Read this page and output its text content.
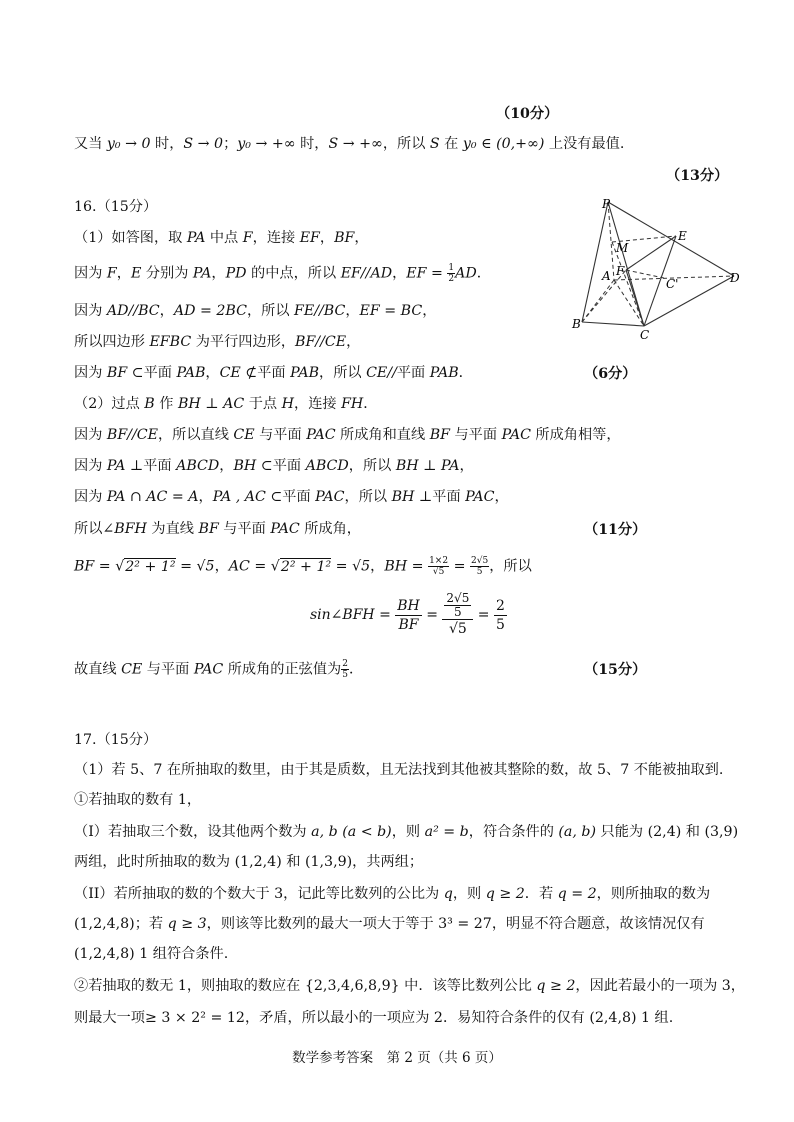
（10分）
又当 y₀ → 0 时，S → 0；y₀ → +∞ 时，S → +∞，所以 S 在 y₀ ∈ (0,+∞) 上没有最值.
（13分）
16.（15分）
（1）如答图，取 PA 中点 F，连接 EF，BF，
因为 F，E 分别为 PA，PD 的中点，所以 EF//AD，EF = $\frac{1}{2}$ AD．
因为 AD//BC，AD = 2BC，所以 FE//BC，EF = BC，
所以四边形 EFBC 为平行四边形，BF//CE，
因为 BF ⊂平面 PAB，CE ⊄平面 PAB，所以 CE//平面 PAB．	（6分）
（2）过点 B 作 BH ⊥ AC 于点 H，连接 FH．
因为 BF//CE，所以直线 CE 与平面 PAC 所成角和直线 BF 与平面 PAC 所成角相等，
因为 PA ⊥平面 ABCD，BH ⊂平面 ABCD，所以 BH ⊥ PA，
因为 PA ∩ AC = A，PA , AC ⊂平面 PAC，所以 BH ⊥平面 PAC，
所以∠BFH 为直线 BF 与平面 PAC 所成角，	（11分）
BF = √2² + 1² = √5，AC = √2² + 1² = √5，BH = $\frac{1\times 2}{√5} = \frac{2√5}{5}$ ，所以
sin∠BFH = $\frac{BH}{BF} = \frac{\frac{2√5}{5}}{√5} = \frac{2}{5}$
故直线 CE 与平面 PAC 所成角的正弦值为 $\frac{2}{5}$ ．	（15分）
P
M
E
A F
C'	D
B
C
17.（15分）
（1）若 5、7 在所抽取的数里，由于其是质数，且无法找到其他被其整除的数，故 5、7 不能被抽取到.
①若抽取的数有 1，
（I）若抽取三个数，设其他两个数为 a, b (a < b)，则 a² = b，符合条件的 (a, b) 只能为 (2,4) 和 (3,9)
两组，此时所抽取的数为 (1,2,4) 和 (1,3,9)，共两组；
（II）若所抽取的数的个数大于 3，记此等比数列的公比为 q，则 q ≥ 2．若 q = 2，则所抽取的数为
(1,2,4,8)；若 q ≥ 3，则该等比数列的最大一项大于等于 3³ = 27，明显不符合题意，故该情况仅有
(1,2,4,8) 1 组符合条件.
②若抽取的数无 1，则抽取的数应在 {2,3,4,6,8,9} 中．该等比数列公比 q ≥ 2，因此若最小的一项为 3，
则最大一项≥ 3 × 2² = 12，矛盾，所以最小的一项应为 2．易知符合条件的仅有 (2,4,8) 1 组.
数学参考答案　第 2 页（共 6 页）
